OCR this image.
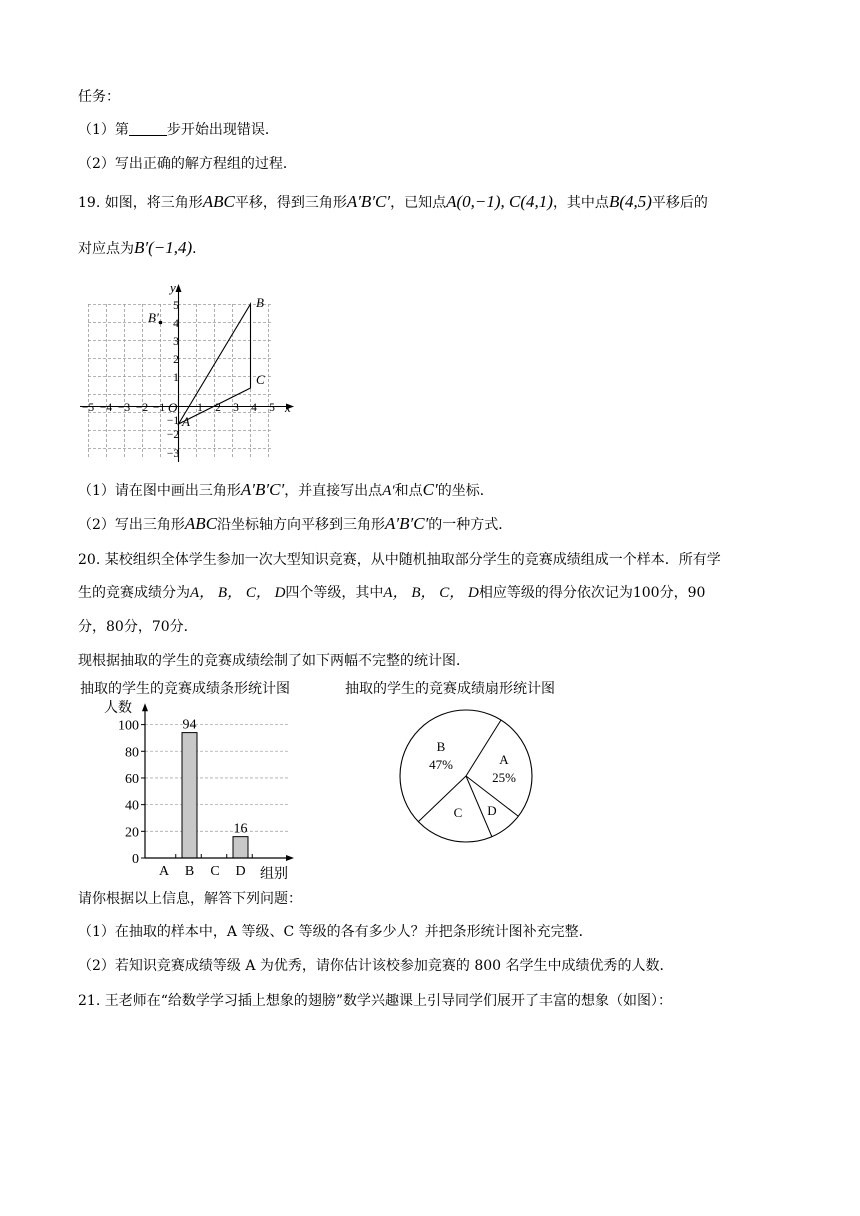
任务：
（1）第	步开始出现错误．
（2）写出正确的解方程组的过程．
19. 如图，将三角形ABC平移，得到三角形A′B′C′，已知点A(0,−1), C(4,1)，其中点B(4,5)平移后的
对应点为B′(−1,4)．
x
y
O
−5 −4 −3 −2 −1	1 2 3 4 5
5
4
3
2
1
−1
−2
−3
A
B
C
B′
（1）请在图中画出三角形A′B′C′，并直接写出点A′和点C′的坐标．
（2）写出三角形ABC沿坐标轴方向平移到三角形A′B′C′的一种方式．
20. 某校组织全体学生参加一次大型知识竞赛，从中随机抽取部分学生的竞赛成绩组成一个样本．所有学
生的竞赛成绩分为A， B， C， D四个等级，其中A， B， C， D相应等级的得分依次记为100分，90
分，80分，70分．
现根据抽取的学生的竞赛成绩绘制了如下两幅不完整的统计图．
抽取的学生的竞赛成绩条形统计图	抽取的学生的竞赛成绩扇形统计图
人数
94
16
0
20
40
60
80
100
A B C D 组别
B
47%	A
25%
C D
请你根据以上信息，解答下列问题：
（1）在抽取的样本中，A 等级、C 等级的各有多少人？并把条形统计图补充完整．
（2）若知识竞赛成绩等级 A 为优秀，请你估计该校参加竞赛的 800 名学生中成绩优秀的人数．
21. 王老师在“给数学学习插上想象的翅膀”数学兴趣课上引导同学们展开了丰富的想象（如图）：
